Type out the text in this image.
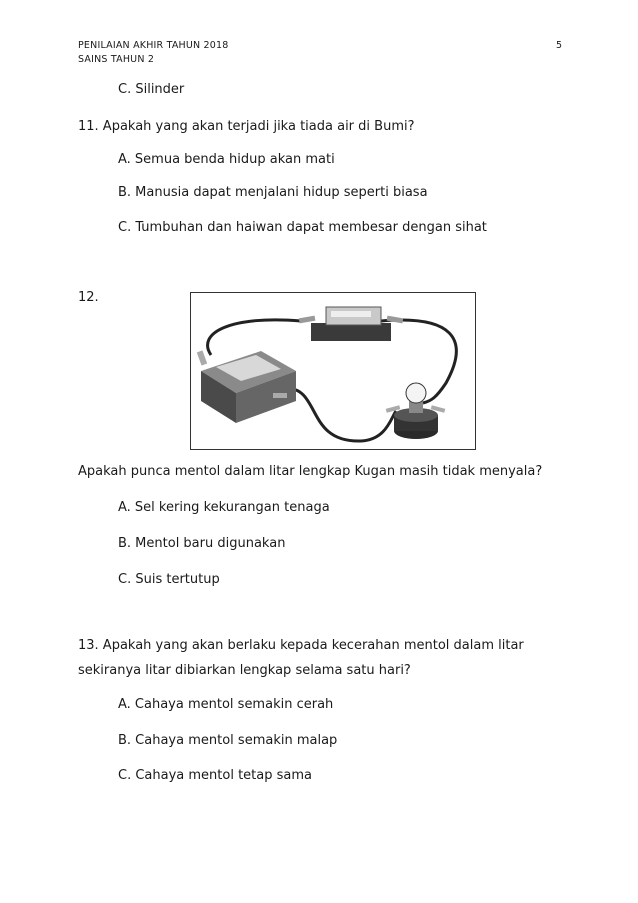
PENILAIAN AKHIR TAHUN 2018
SAINS TAHUN 2
5
C. Silinder
11. Apakah yang akan terjadi jika tiada air di Bumi?
A. Semua benda hidup akan mati
B. Manusia dapat menjalani hidup seperti biasa
C. Tumbuhan dan haiwan dapat membesar dengan sihat
12.
Apakah punca mentol dalam litar lengkap Kugan masih tidak menyala?
A. Sel kering kekurangan tenaga
B. Mentol baru digunakan
C. Suis tertutup
13. Apakah yang akan berlaku kepada kecerahan mentol dalam litar
sekiranya litar dibiarkan lengkap selama satu hari?
A. Cahaya mentol semakin cerah
B. Cahaya mentol semakin malap
C. Cahaya mentol tetap sama
